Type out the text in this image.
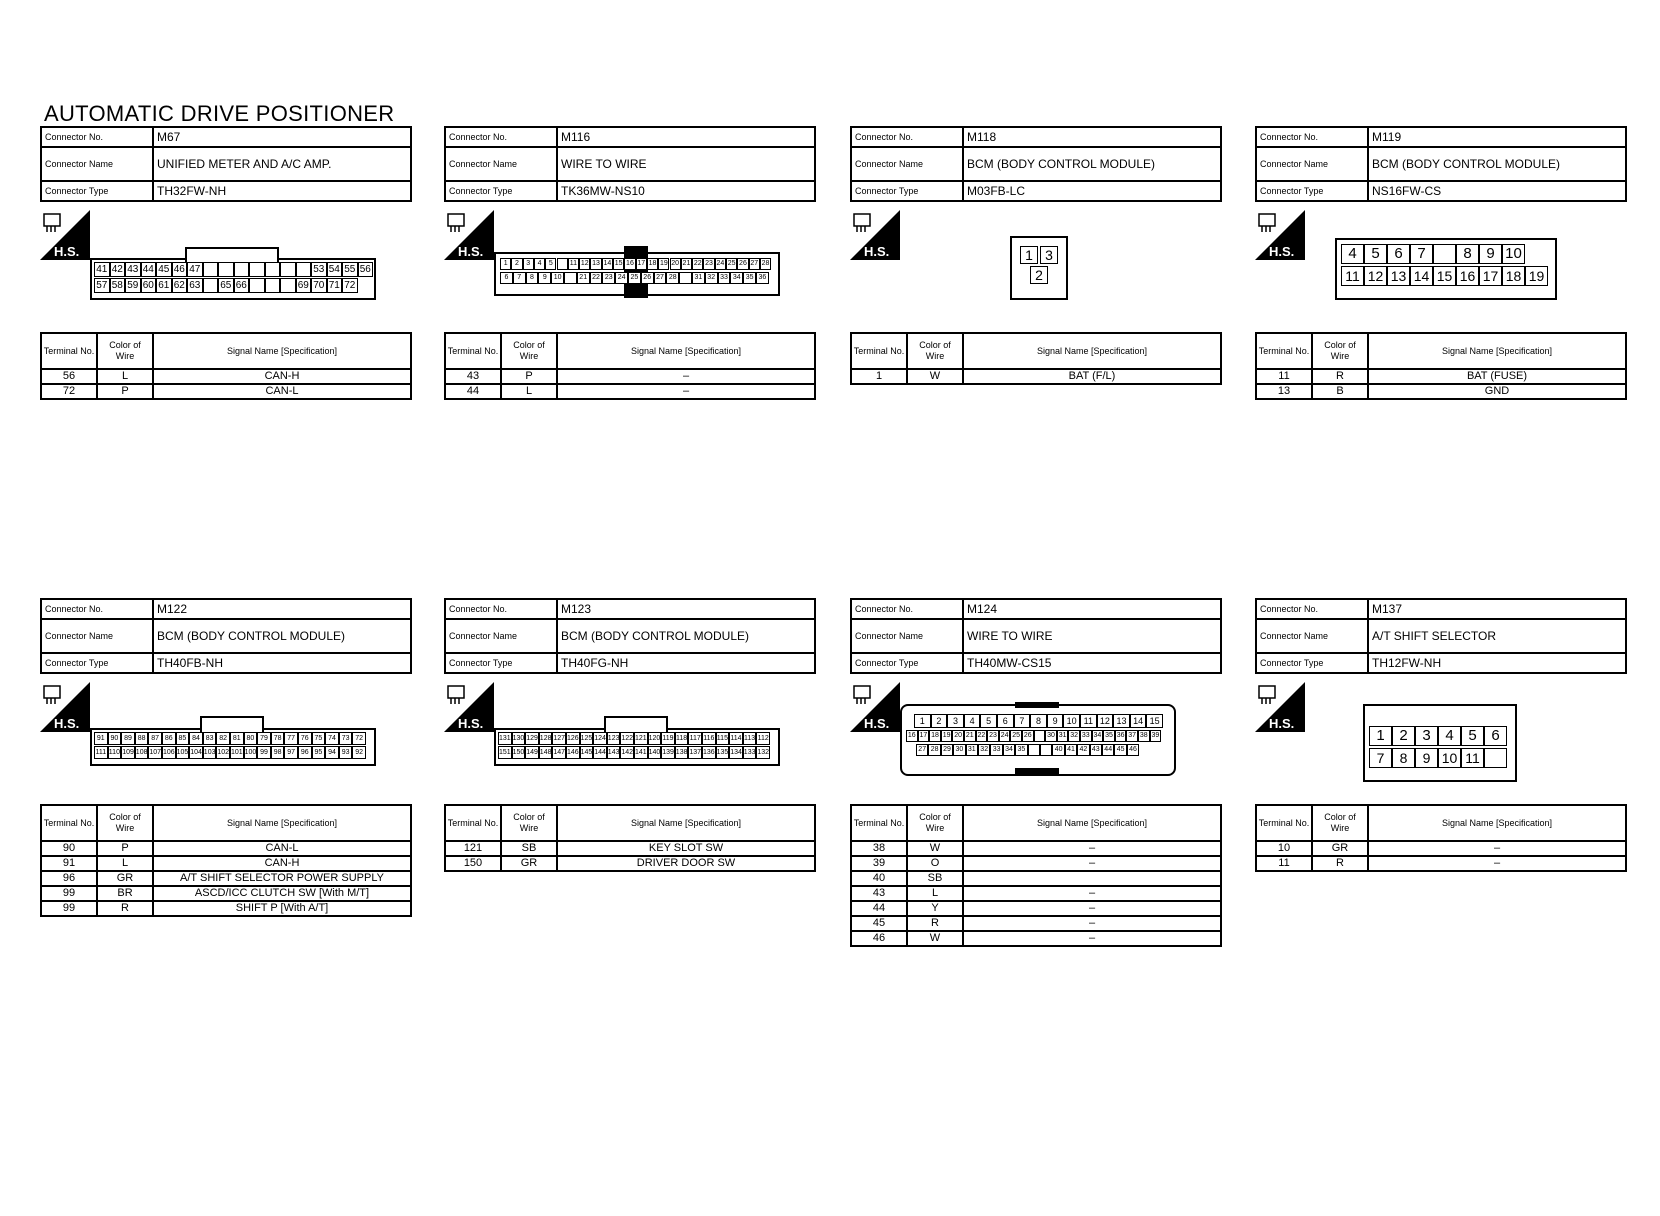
AUTOMATIC DRIVE POSITIONER
Connector No.	M67
Connector Name	UNIFIED METER AND A/C AMP.
Connector Type	TH32FW-NH
H.S.
41 42 43 44 45 46 47	53 54 55 56
57 58 59 60 61 62 63 65 66	69 70 71 72
Terminal No.	Color of Wire	Signal Name [Specification]
56	L	CAN-H
72	P	CAN-L
Connector No.	M116
Connector Name	WIRE TO WIRE
Connector Type	TK36MW-NS10
H.S.
1	2	3	4	5	11 12 13 14 15 16 17 18 19 20 21 22 23 24 25 26 27 28
6	7	8	9 10	21 22 23 24 25 26 27 28	31 32 33 34 35 36
Terminal No.	Color of Wire	Signal Name [Specification]
43	P	–
44	L	–
Connector No.	M118
Connector Name	BCM (BODY CONTROL MODULE)
Connector Type	M03FB-LC
H.S.	1 3
2
Terminal No.	Color of Wire	Signal Name [Specification]
1	W	BAT (F/L)
Connector No.	M119
Connector Name	BCM (BODY CONTROL MODULE)
Connector Type	NS16FW-CS
H.S.	4 5 6 7	8 9 10
11 12 13 14 15 16 17 18 19
Terminal No.	Color of Wire	Signal Name [Specification]
11	R	BAT (FUSE)
13	B	GND
Connector No.	M122
Connector Name	BCM (BODY CONTROL MODULE)
Connector Type	TH40FB-NH
H.S.
91 90 89 88 87 86 85 84 83 82 81 80 79 78 77 76 75 74 73 72
111 110 109 108 107 106 105 104 103 102 101 100 99 98 97 96 95 94 93 92
Terminal No.	Color of Wire	Signal Name [Specification]
90	P	CAN-L
91	L	CAN-H
96	GR	A/T SHIFT SELECTOR POWER SUPPLY
99	BR	ASCD/ICC CLUTCH SW [With M/T]
99	R	SHIFT P [With A/T]
Connector No.	M123
Connector Name	BCM (BODY CONTROL MODULE)
Connector Type	TH40FG-NH
H.S.
131 130 129 128 127 126 125 124 123 122 121 120 119 118 117 116 115 114 113 112
151 150 149 148 147 146 145 144 143 142 141 140 139 138 137 136 135 134 133 132
Terminal No.	Color of Wire	Signal Name [Specification]
121	SB	KEY SLOT SW
150	GR	DRIVER DOOR SW
Connector No.	M124
Connector Name	WIRE TO WIRE
Connector Type	TH40MW-CS15
H.S.	1	2	3	4	5	6	7	8	9	10 11 12 13 14 15
16 17 18 19 20 21 22 23 24 25 26 30 31 32 33 34 35 36 37 38 39
27 28 29 30 31 32 33 34 35	40 41 42 43 44 45 46
Terminal No.	Color of Wire	Signal Name [Specification]
38	W	–
39	O	–
40	SB	
43	L	–
44	Y	–
45	R	–
46	W	–
Connector No.	M137
Connector Name	A/T SHIFT SELECTOR
Connector Type	TH12FW-NH
H.S.
1 2 3 4 5 6
7	8	9 10 11
Terminal No.	Color of Wire	Signal Name [Specification]
10	GR	–
11	R	–
